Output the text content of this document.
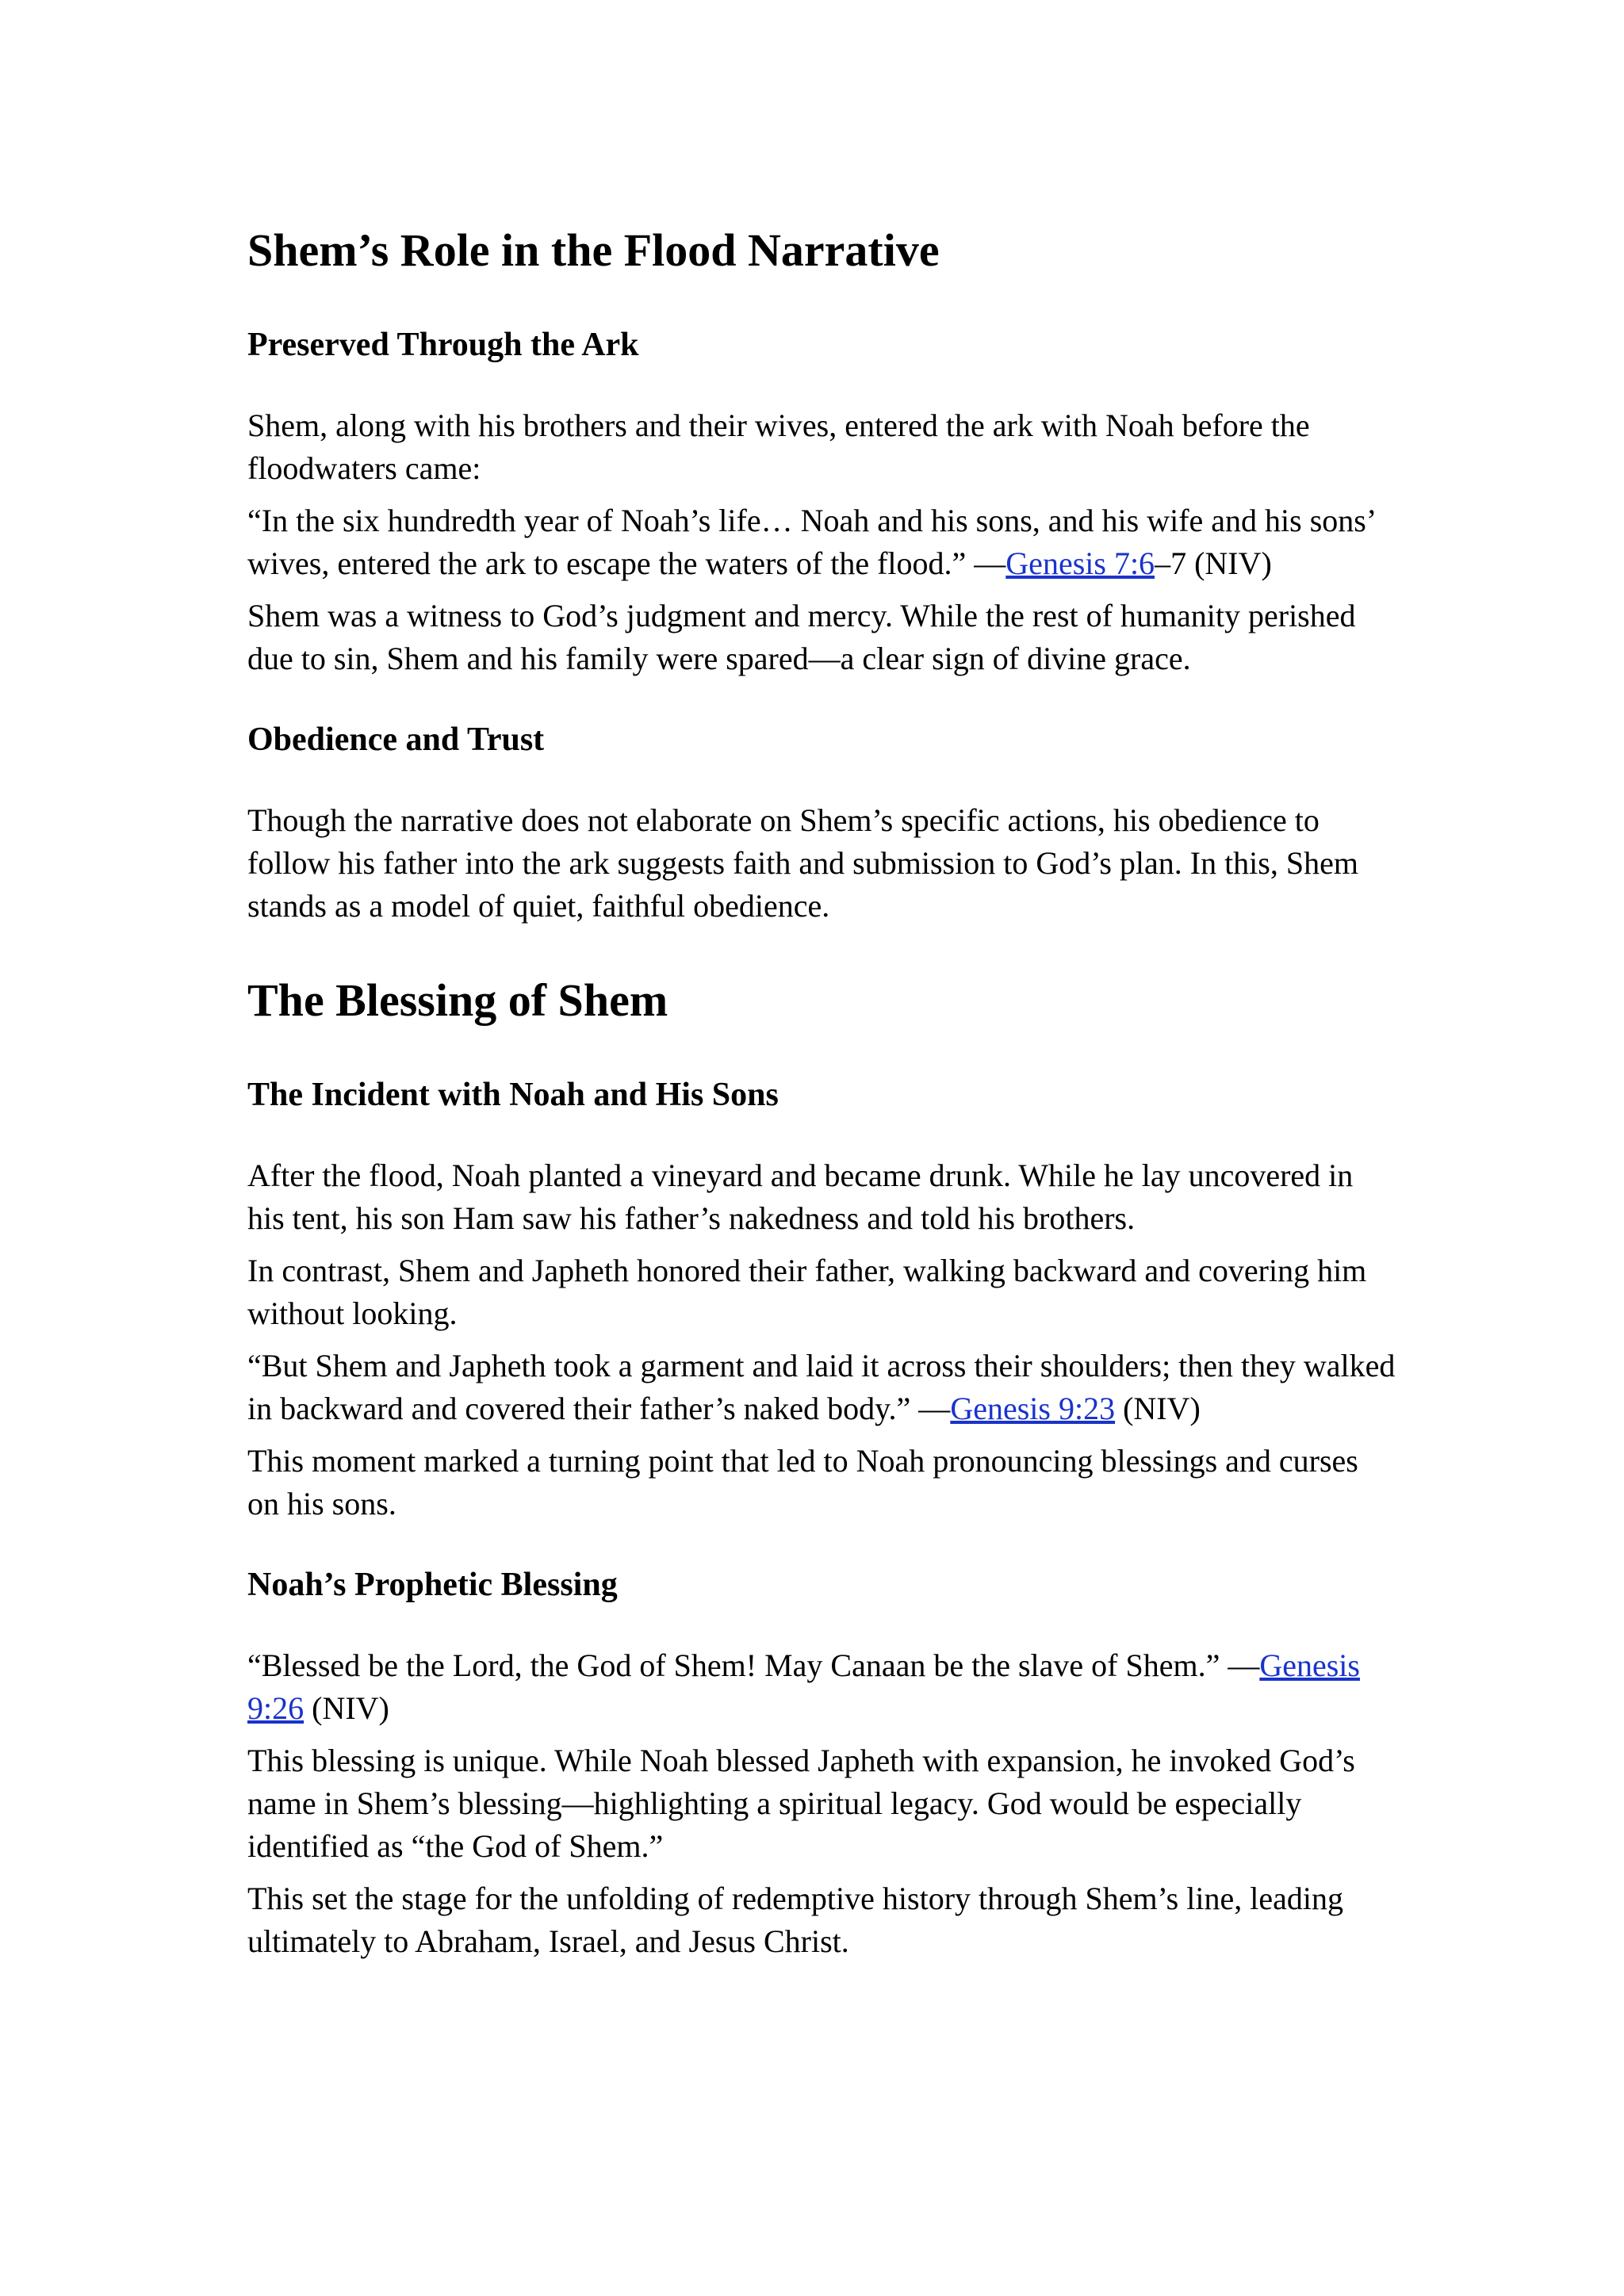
Shem’s Role in the Flood Narrative
Preserved Through the Ark

Shem, along with his brothers and their wives, entered the ark with Noah before the floodwaters came:

“In the six hundredth year of Noah’s life… Noah and his sons, and his wife and his sons’ wives, entered the ark to escape the waters of the flood.” —Genesis 7:6–7 (NIV)

Shem was a witness to God’s judgment and mercy. While the rest of humanity perished due to sin, Shem and his family were spared—a clear sign of divine grace.

Obedience and Trust

Though the narrative does not elaborate on Shem’s specific actions, his obedience to follow his father into the ark suggests faith and submission to God’s plan. In this, Shem stands as a model of quiet, faithful obedience.

The Blessing of Shem
The Incident with Noah and His Sons

After the flood, Noah planted a vineyard and became drunk. While he lay uncovered in his tent, his son Ham saw his father’s nakedness and told his brothers.

In contrast, Shem and Japheth honored their father, walking backward and covering him without looking.

“But Shem and Japheth took a garment and laid it across their shoulders; then they walked in backward and covered their father’s naked body.” —Genesis 9:23 (NIV)

This moment marked a turning point that led to Noah pronouncing blessings and curses on his sons.

Noah’s Prophetic Blessing

“Blessed be the Lord, the God of Shem! May Canaan be the slave of Shem.” —Genesis 9:26 (NIV)

This blessing is unique. While Noah blessed Japheth with expansion, he invoked God’s name in Shem’s blessing—highlighting a spiritual legacy. God would be especially identified as “the God of Shem.”

This set the stage for the unfolding of redemptive history through Shem’s line, leading ultimately to Abraham, Israel, and Jesus Christ.
